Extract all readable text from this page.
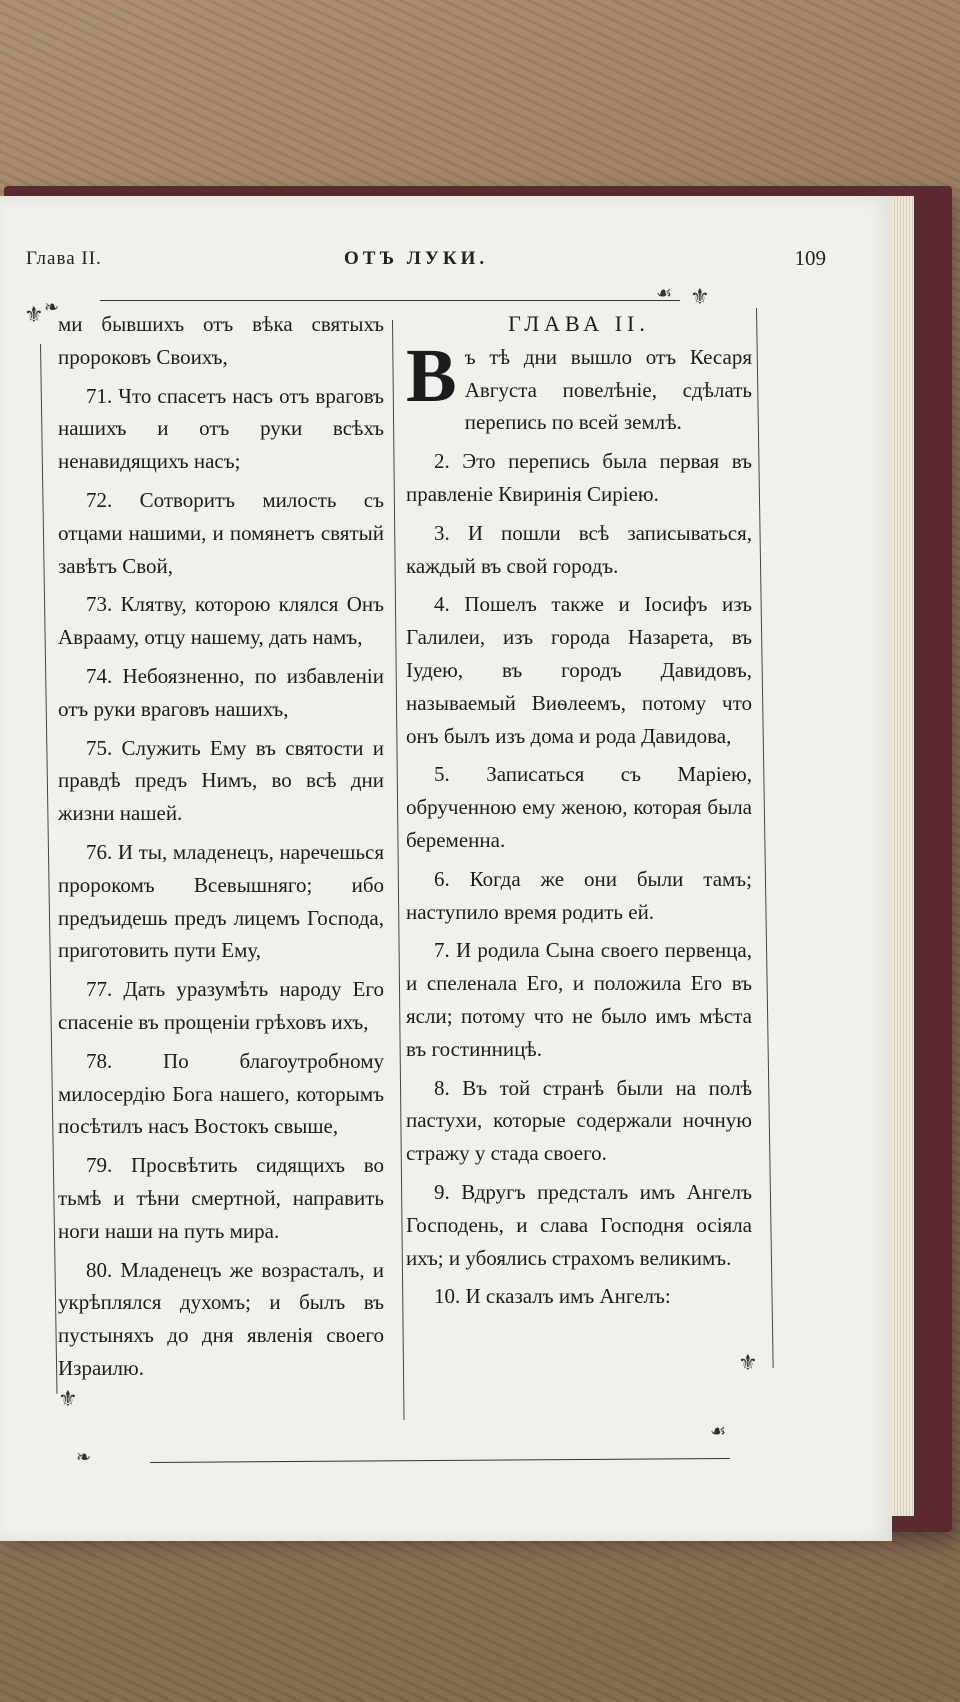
Глава II.	ОТЪ ЛУКИ.	109
⚜ ❧	⚜
☙
⚜
❧
⚜
☙

ми бывшихъ отъ вѣка святыхъ пророковъ Своихъ,

71. Что спасетъ насъ отъ враговъ нашихъ и отъ руки всѣхъ ненавидящихъ насъ;

72. Сотворитъ милость съ отцами нашими, и помянетъ святый завѣтъ Свой,

73. Клятву, которою клялся Онъ Аврааму, отцу нашему, дать намъ,

74. Небоязненно, по избавленіи отъ руки враговъ нашихъ,

75. Служить Ему въ святости и правдѣ предъ Нимъ, во всѣ дни жизни нашей.

76. И ты, младенецъ, наречешься пророкомъ Всевышняго; ибо предъидешь предъ лицемъ Господа, приготовить пути Ему,

77. Дать уразумѣть народу Его спасеніе въ прощеніи грѣховъ ихъ,

78. По благоутробному милосердію Бога нашего, которымъ посѣтилъ насъ Востокъ свыше,

79. Просвѣтить сидящихъ во тьмѣ и тѣни смертной, направить ноги наши на путь мира.

80. Младенецъ же возрасталъ, и укрѣплялся духомъ; и былъ въ пустыняхъ до дня явленія своего Израилю.

ГЛАВА II.

Въ тѣ дни вышло отъ Кесаря Августа повелѣніе, сдѣлать перепись по всей землѣ.

2. Это перепись была первая въ правленіе Квиринія Сиріею.

3. И пошли всѣ записываться, каждый въ свой городъ.

4. Пошелъ также и Іосифъ изъ Галилеи, изъ города Назарета, въ Іудею, въ городъ Давидовъ, называемый Виѳлеемъ, потому что онъ былъ изъ дома и рода Давидова,

5. Записаться съ Маріею, обрученною ему женою, которая была беременна.

6. Когда же они были тамъ; наступило время родить ей.

7. И родила Сына своего первенца, и спеленала Его, и положила Его въ ясли; потому что не было имъ мѣста въ гостинницѣ.

8. Въ той странѣ были на полѣ пастухи, которые содержали ночную стражу у стада своего.

9. Вдругъ предсталъ имъ Ангелъ Господень, и слава Господня осіяла ихъ; и убоялись страхомъ великимъ.

10. И сказалъ имъ Ангелъ:
